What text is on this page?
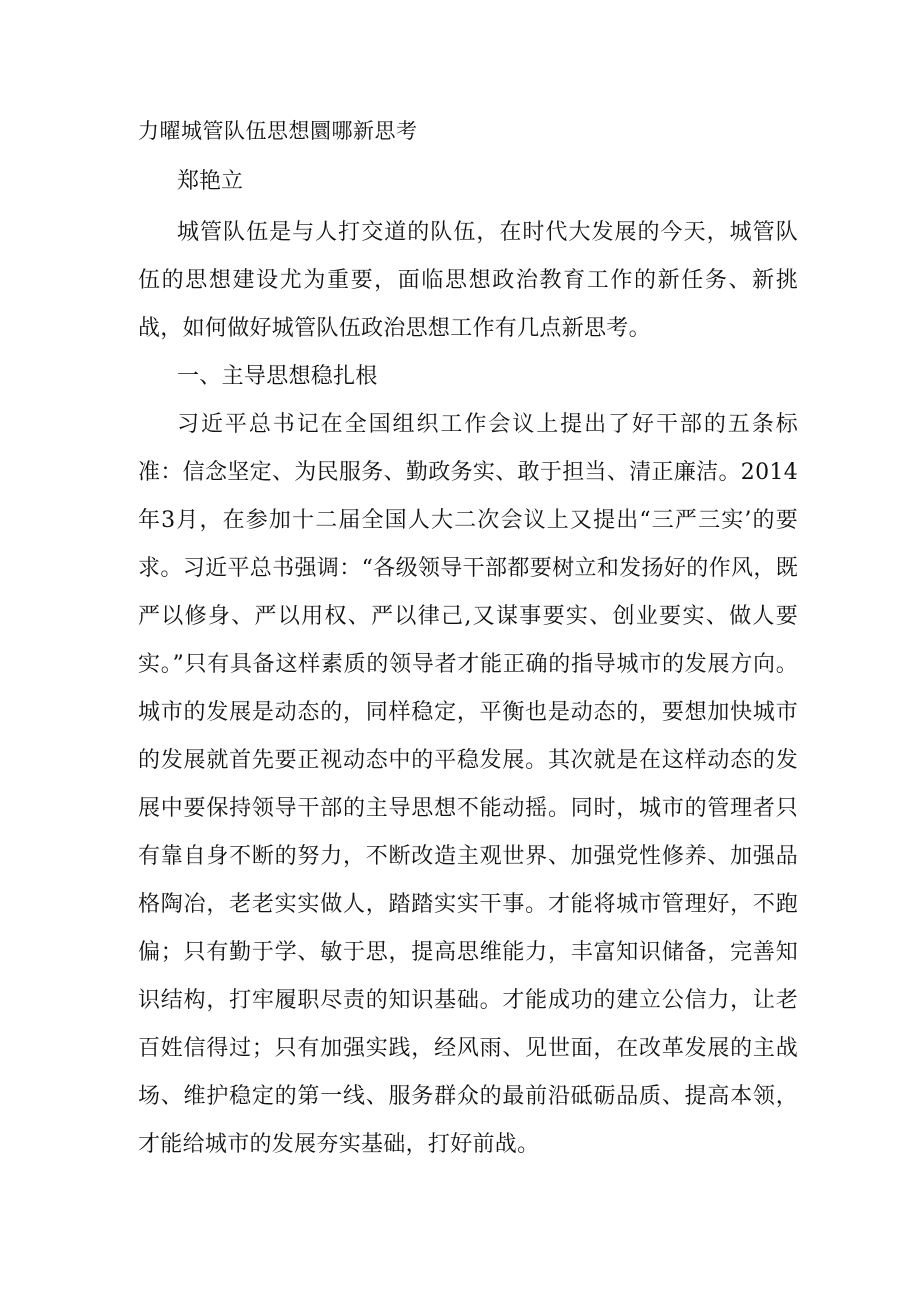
力曜城管队伍思想圜哪新思考

郑艳立

城管队伍是与人打交道的队伍，在时代大发展的今天，城管队伍的思想建设尤为重要，面临思想政治教育工作的新任务、新挑战，如何做好城管队伍政治思想工作有几点新思考。

一、主导思想稳扎根

习近平总书记在全国组织工作会议上提出了好干部的五条标准：信念坚定、为民服务、勤政务实、敢于担当、清正廉洁。2014年3月，在参加十二届全国人大二次会议上又提出“三严三实’的要求。习近平总书强调：“各级领导干部都要树立和发扬好的作风，既严以修身、严以用权、严以律己,又谋事要实、创业要实、做人要实。”只有具备这样素质的领导者才能正确的指导城市的发展方向。城市的发展是动态的，同样稳定，平衡也是动态的，要想加快城市的发展就首先要正视动态中的平稳发展。其次就是在这样动态的发展中要保持领导干部的主导思想不能动摇。同时，城市的管理者只有靠自身不断的努力，不断改造主观世界、加强党性修养、加强品格陶冶，老老实实做人，踏踏实实干事。才能将城市管理好，不跑偏；只有勤于学、敏于思，提高思维能力，丰富知识储备，完善知识结构，打牢履职尽责的知识基础。才能成功的建立公信力，让老百姓信得过；只有加强实践，经风雨、见世面，在改革发展的主战场、维护稳定的第一线、服务群众的最前沿砥砺品质、提高本领，才能给城市的发展夯实基础，打好前战。
